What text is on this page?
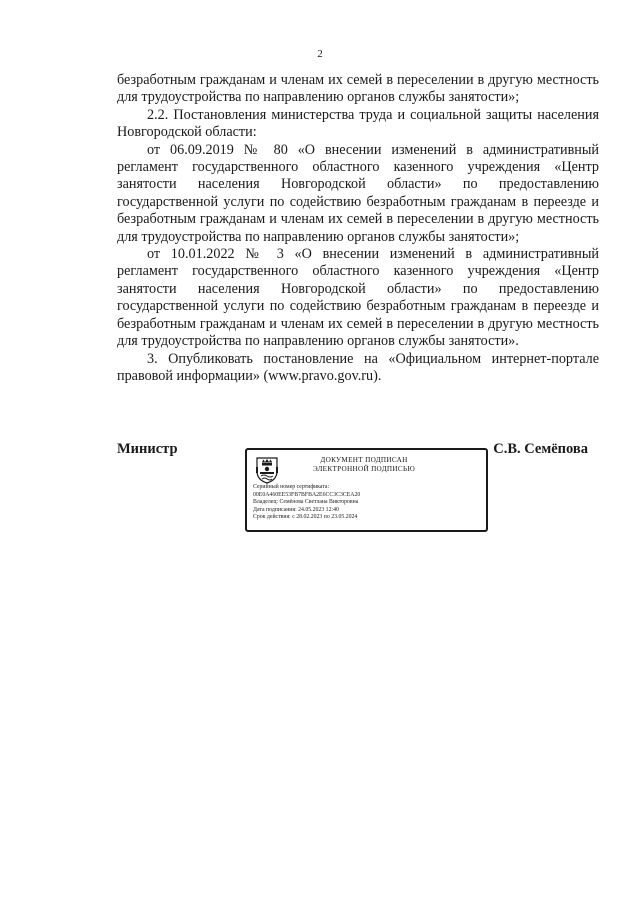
2

безработным гражданам и членам их семей в переселении в другую местность для трудоустройства по направлению органов службы занятости»;

2.2. Постановления министерства труда и социальной защиты населения Новгородской области:

от 06.09.2019 № 80 «О внесении изменений в административный регламент государственного областного казенного учреждения «Центр занятости населения Новгородской области» по предоставлению государственной услуги по содействию безработным гражданам в переезде и безработным гражданам и членам их семей в переселении в другую местность для трудоустройства по направлению органов службы занятости»;

от 10.01.2022 № 3 «О внесении изменений в административный регламент государственного областного казенного учреждения «Центр занятости населения Новгородской области» по предоставлению государственной услуги по содействию безработным гражданам в переезде и безработным гражданам и членам их семей в переселении в другую местность для трудоустройства по направлению органов службы занятости».

3. Опубликовать постановление на «Официальном интернет-портале правовой информации» (www.pravo.gov.ru).

Министр	С.В. Семёпова
ДОКУМЕНТ ПОДПИСАН
ЭЛЕКТРОННОЙ ПОДПИСЬЮ
Серийный номер сертификата:
00E0A460EE53FB7BFBA2E6CC3C3CEA20
Владелец: Семёнова Светлана Викторовна
Дата подписания: 24.05.2023 12:40
Срок действия: с 28.02.2023 по 23.05.2024
